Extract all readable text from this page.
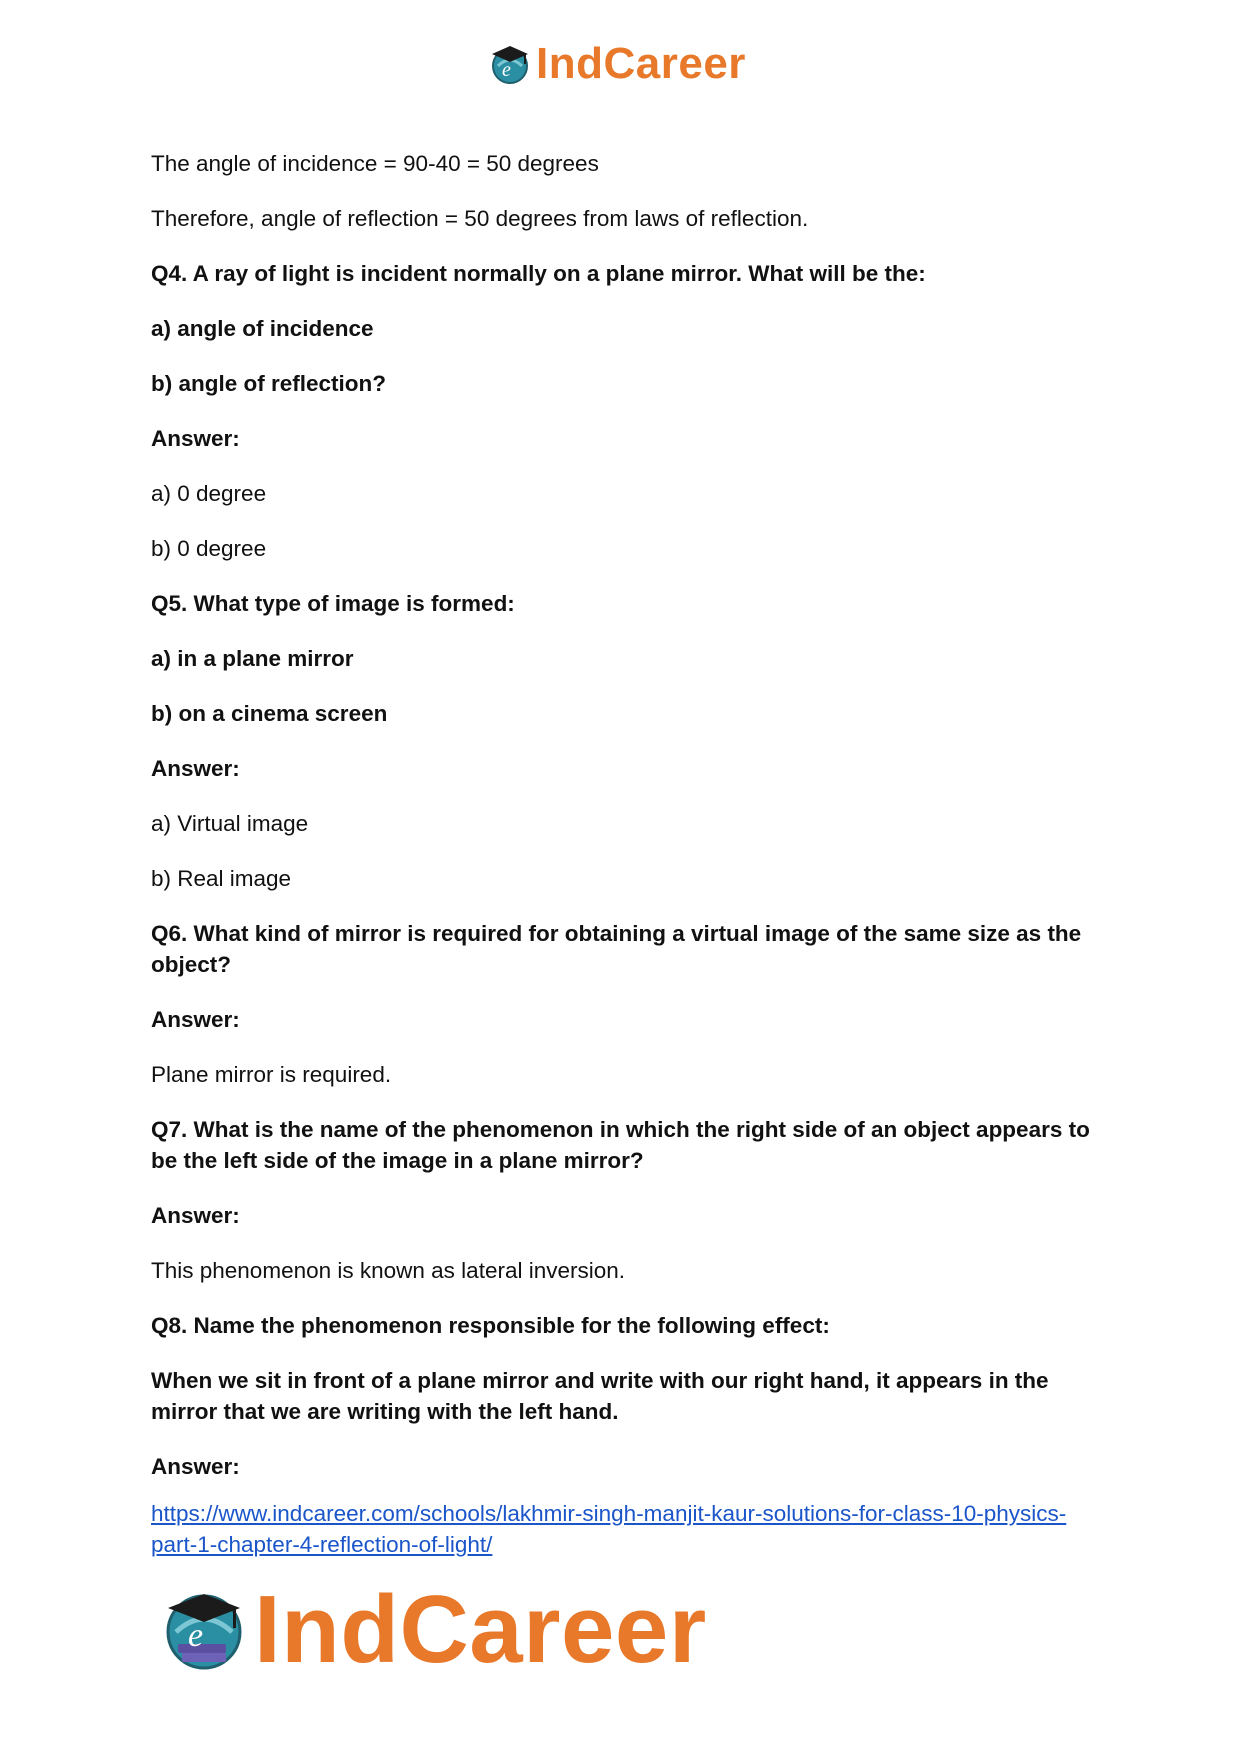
e IndCareer

The angle of incidence = 90-40 = 50 degrees

Therefore, angle of reflection = 50 degrees from laws of reflection.

Q4. A ray of light is incident normally on a plane mirror. What will be the:

a) angle of incidence

b) angle of reflection?

Answer:

a) 0 degree

b) 0 degree

Q5. What type of image is formed:

a) in a plane mirror

b) on a cinema screen

Answer:

a) Virtual image

b) Real image

Q6. What kind of mirror is required for obtaining a virtual image of the same size as the object?

Answer:

Plane mirror is required.

Q7. What is the name of the phenomenon in which the right side of an object appears to be the left side of the image in a plane mirror?

Answer:

This phenomenon is known as lateral inversion.

Q8. Name the phenomenon responsible for the following effect:

When we sit in front of a plane mirror and write with our right hand, it appears in the mirror that we are writing with the left hand.

Answer:

https://www.indcareer.com/schools/lakhmir-singh-manjit-kaur-solutions-for-class-10-physics-part-1-chapter-4-reflection-of-light/
e IndCareer
